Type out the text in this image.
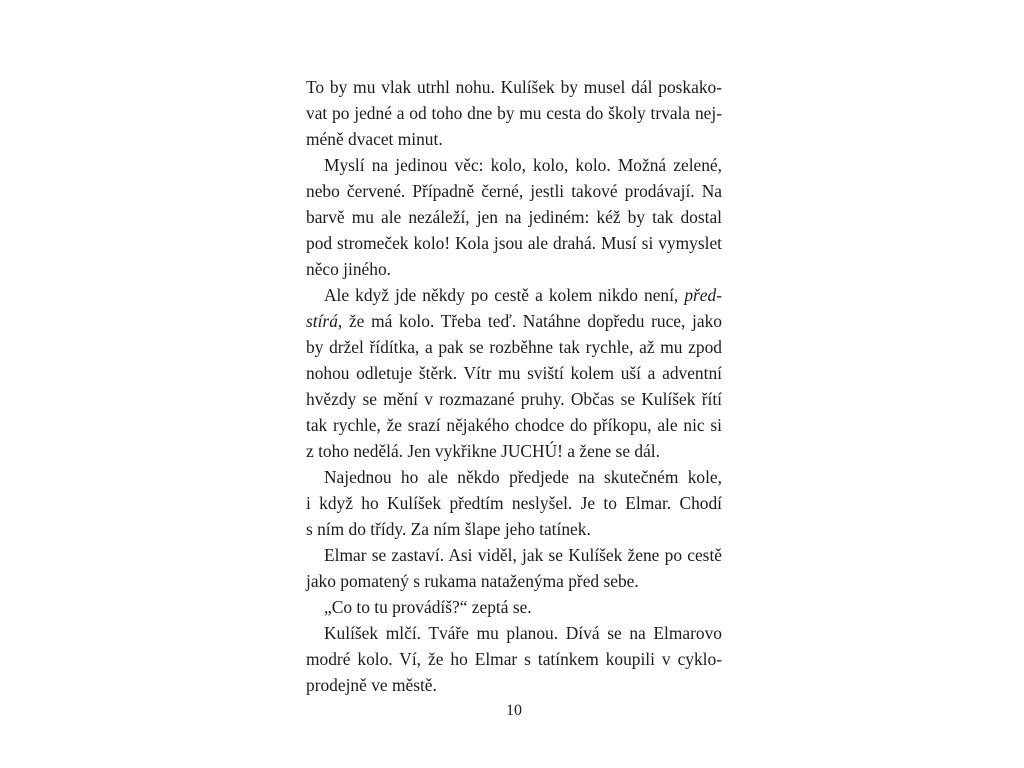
To by mu vlak utrhl nohu. Kulíšek by musel dál poskako-
vat po jedné a od toho dne by mu cesta do školy trvala nej-
méně dvacet minut.
Myslí na jedinou věc: kolo, kolo, kolo. Možná zelené,
nebo červené. Případně černé, jestli takové prodávají. Na
barvě mu ale nezáleží, jen na jediném: kéž by tak dostal
pod stromeček kolo! Kola jsou ale drahá. Musí si vymyslet
něco jiného.
Ale když jde někdy po cestě a kolem nikdo není, před-
stírá, že má kolo. Třeba teď. Natáhne dopředu ruce, jako
by držel řídítka, a pak se rozběhne tak rychle, až mu zpod
nohou odletuje štěrk. Vítr mu sviští kolem uší a adventní
hvězdy se mění v rozmazané pruhy. Občas se Kulíšek řítí
tak rychle, že srazí nějakého chodce do příkopu, ale nic si
z toho nedělá. Jen vykřikne JUCHÚ! a žene se dál.
Najednou ho ale někdo předjede na skutečném kole,
i když ho Kulíšek předtím neslyšel. Je to Elmar. Chodí
s ním do třídy. Za ním šlape jeho tatínek.
Elmar se zastaví. Asi viděl, jak se Kulíšek žene po cestě
jako pomatený s rukama nataženýma před sebe.
„Co to tu provádíš?“ zeptá se.
Kulíšek mlčí. Tváře mu planou. Dívá se na Elmarovo
modré kolo. Ví, že ho Elmar s tatínkem koupili v cyklo-
prodejně ve městě.
10
